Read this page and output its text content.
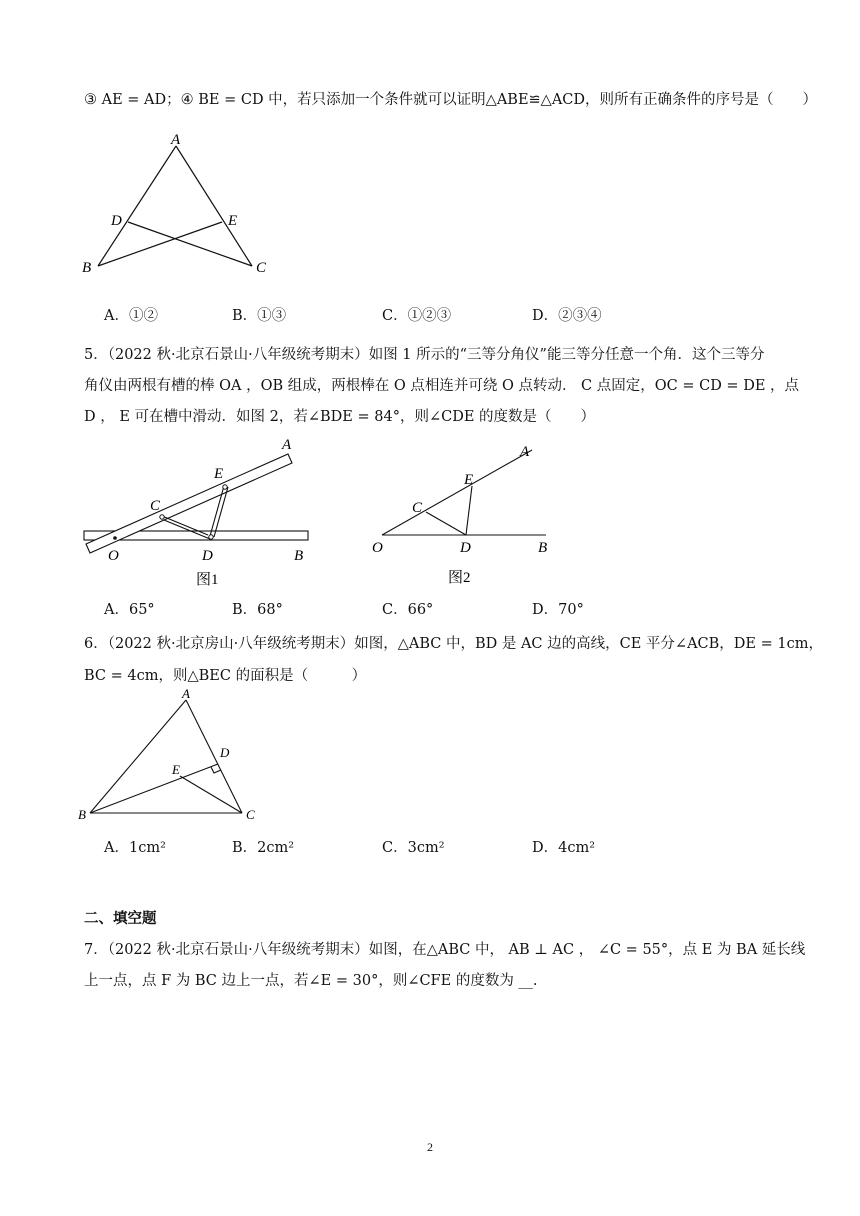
③ AE = AD；④ BE = CD 中，若只添加一个条件就可以证明△ABE≌△ACD，则所有正确条件的序号是（　　）
A
D	E
B	C
A．①②	B．①③	C．①②③	D．②③④
5．（2022 秋·北京石景山·八年级统考期末）如图 1 所示的“三等分角仪”能三等分任意一个角．这个三等分
角仪由两根有槽的棒 OA ，OB 组成，两根棒在 O 点相连并可绕 O 点转动． C 点固定，OC = CD = DE ，点
D ， E 可在槽中滑动．如图 2，若∠BDE = 84°，则∠CDE 的度数是（　　）
A
E
C
O	D	B
图1
A
E
C
O	D	B
图2
A．65°	B．68°	C．66°	D．70°
6．（2022 秋·北京房山·八年级统考期末）如图，△ABC 中，BD 是 AC 边的高线，CE 平分∠ACB，DE = 1cm，
BC = 4cm，则△BEC 的面积是（　　　）
A
D
E
B	C
A．1cm²	B．2cm²	C．3cm²	D．4cm²
二、填空题
7．（2022 秋·北京石景山·八年级统考期末）如图，在△ABC 中， AB ⊥ AC ， ∠C = 55°，点 E 为 BA 延长线
上一点，点 F 为 BC 边上一点，若∠E = 30°，则∠CFE 的度数为 __.
2
